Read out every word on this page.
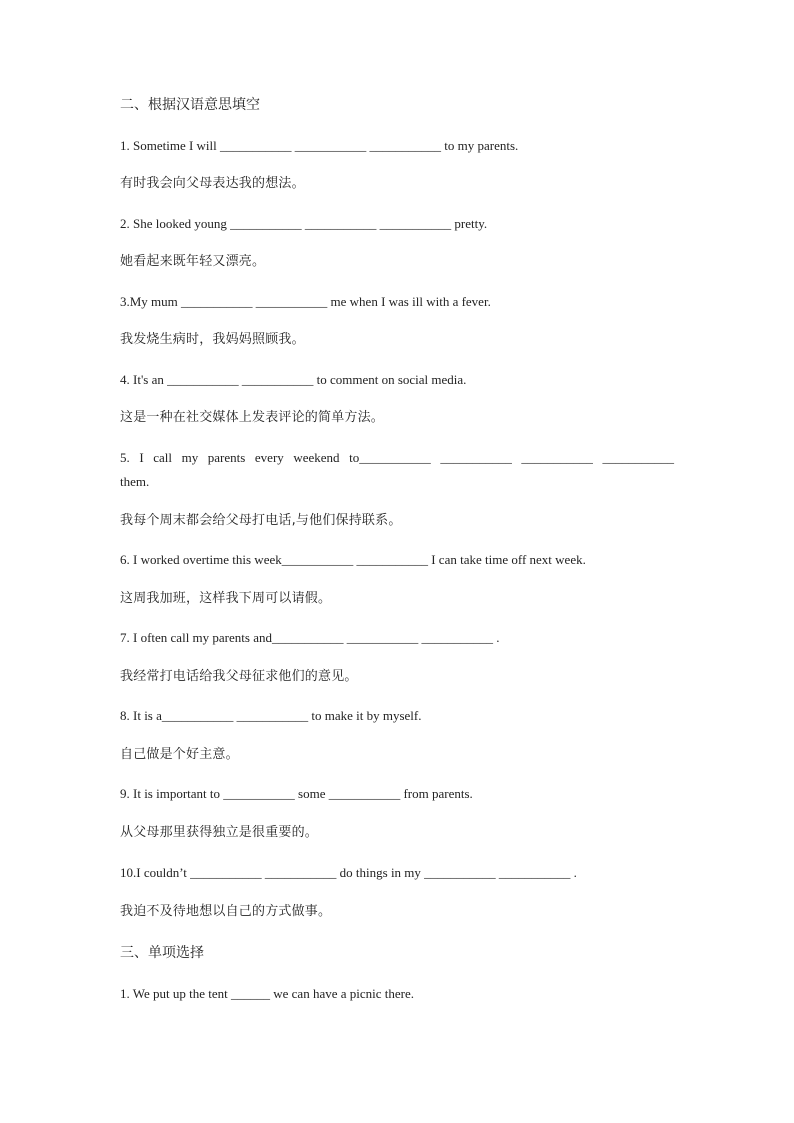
二、根据汉语意思填空
1. Sometime I will ___________ ___________ ___________ to my parents.
有时我会向父母表达我的想法。
2. She looked young ___________ ___________ ___________ pretty.
她看起来既年轻又漂亮。
3.My mum ___________ ___________ me when I was ill with a fever.
我发烧生病时，我妈妈照顾我。
4. It's an ___________ ___________ to comment on social media.
这是一种在社交媒体上发表评论的简单方法。
5. I call my parents every weekend to___________ ___________ ___________ ___________
them.
我每个周末都会给父母打电话,与他们保持联系。
6. I worked overtime this week___________ ___________ I can take time off next week.
这周我加班，这样我下周可以请假。
7. I often call my parents and___________ ___________ ___________ .
我经常打电话给我父母征求他们的意见。
8. It is a___________ ___________ to make it by myself.
自己做是个好主意。
9. It is important to ___________ some ___________ from parents.
从父母那里获得独立是很重要的。
10.I couldn’t ___________ ___________ do things in my ___________ ___________ .
我迫不及待地想以自己的方式做事。
三、单项选择
1. We put up the tent ______ we can have a picnic there.
